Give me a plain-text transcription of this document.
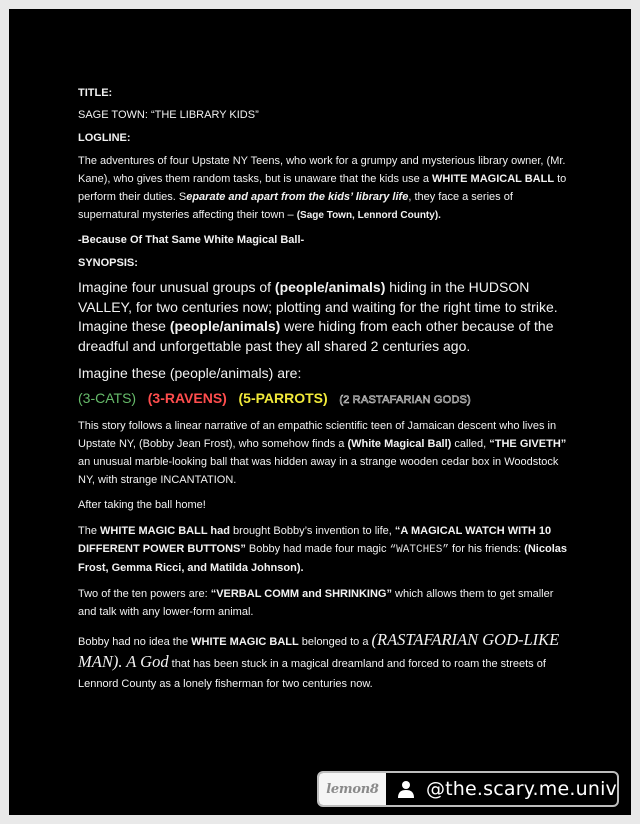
TITLE:

SAGE TOWN: “THE LIBRARY KIDS”

LOGLINE:

The adventures of four Upstate NY Teens, who work for a grumpy and mysterious library owner, (Mr. Kane), who gives them random tasks, but is unaware that the kids use a WHITE MAGICAL BALL to perform their duties. Separate and apart from the kids’ library life, they face a series of supernatural mysteries affecting their town – (Sage Town, Lennord County).

-Because Of That Same White Magical Ball-

SYNOPSIS:

Imagine four unusual groups of (people/animals) hiding in the HUDSON VALLEY, for two centuries now; plotting and waiting for the right time to strike. Imagine these (people/animals) were hiding from each other because of the dreadful and unforgettable past they all shared 2 centuries ago.

Imagine these (people/animals) are:

(3-CATS) (3-RAVENS) (5-PARROTS) (2 RASTAFARIAN GODS)

This story follows a linear narrative of an empathic scientific teen of Jamaican descent who lives in Upstate NY, (Bobby Jean Frost), who somehow finds a (White Magical Ball) called, “THE GIVETH” an unusual marble-looking ball that was hidden away in a strange wooden cedar box in Woodstock NY, with strange INCANTATION.

After taking the ball home!

The WHITE MAGIC BALL had brought Bobby’s invention to life, “A MAGICAL WATCH WITH 10 DIFFERENT POWER BUTTONS” Bobby had made four magic “WATCHES” for his friends: (Nicolas Frost, Gemma Ricci, and Matilda Johnson).

Two of the ten powers are: “VERBAL COMM and SHRINKING” which allows them to get smaller and talk with any lower-form animal.

Bobby had no idea the WHITE MAGIC BALL belonged to a (RASTAFARIAN GOD-LIKE MAN). A God that has been stuck in a magical dreamland and forced to roam the streets of Lennord County as a lonely fisherman for two centuries now.

lemon8	@the.scary.me.univ
